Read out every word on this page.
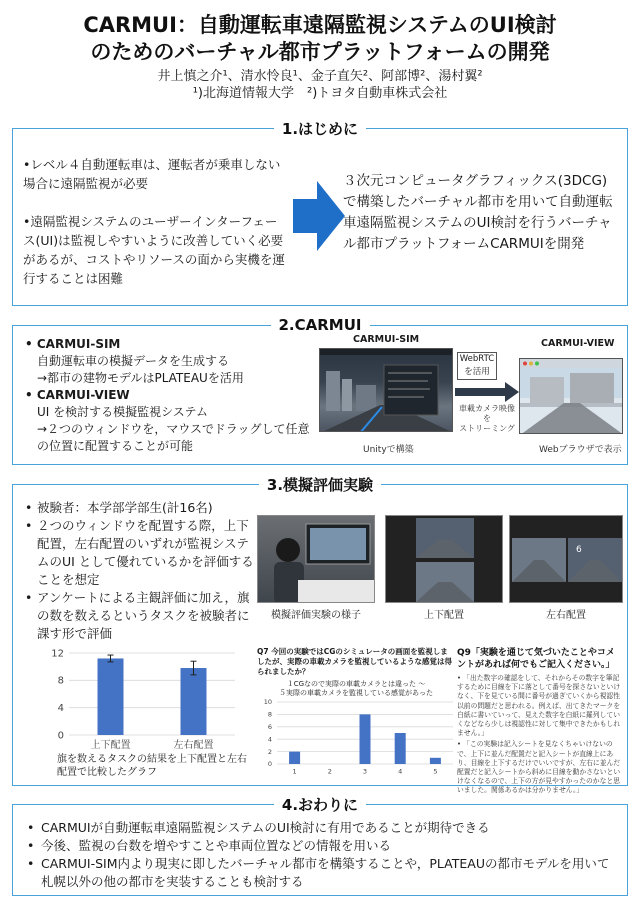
CARMUI：自動運転車遠隔監視システムのUI検討
のためのバーチャル都市プラットフォームの開発
井上慎之介¹、清水怜良¹、金子直矢²、阿部博²、湯村翼²
¹)北海道情報大学　²)トヨタ自動車株式会社
1.はじめに

•レベル４自動運転車は、運転者が乗車しない場合に遠隔監視が必要

•遠隔監視システムのユーザーインターフェース(UI)は監視しやすいように改善していく必要があるが、コストやリソースの面から実機を運行することは困難

３次元コンピュータグラフィックス(3DCG)で構築したバーチャル都市を用いて自動運転車遠隔監視システムのUI検討を行うバーチャル都市プラットフォームCARMUIを開発
2.CARMUI
• CARMUI-SIM
自動運転車の模擬データを生成する
→都市の建物モデルはPLATEAUを活用
• CARMUI-VIEW
UI を検討する模擬監視システム
→２つのウィンドウを，マウスでドラッグして任意の位置に配置することが可能
CARMUI-SIM	CARMUI-VIEW
WebRTC
を活用
車載カメラ映像を
ストリーミング
Unityで構築	Webブラウザで表示
3.模擬評価実験
• 被験者：本学部学部生(計16名)
• ２つのウィンドウを配置する際，上下配置，左右配置のいずれが監視システムのUI として優れているかを評価することを想定
• アンケートによる主観評価に加え，旗の数を数えるというタスクを被験者に課す形で評価
6
模擬評価実験の様子	上下配置	左右配置
0
4
8
12
上下配置	左右配置
旗を数えるタスクの結果を上下配置と左右配置で比較したグラフ
Q7 今回の実験ではCGのシミュレータの画面を監視しましたが、実際の車載カメラを監視しているような感覚は得られましたか？
１CGなので実際の車載カメラとは違った ～
５実際の車載カメラを監視している感覚があった
0
2
4
6
8
10
1	2	3	4	5
Q9「実験を通じて気づいたことやコメントがあれば何でもご記入ください。」

• 「出た数字の確認をして、それからその数字を筆記するために目線を下に落として番号を探さないといけなく、下を見ている間に番号が過ぎていくから視認性以前の問題だと思われる。例えば、出てきたマークを白紙に書いていって、見えた数字を白紙に羅列していくなどなら少しは視認性に対して集中できたかもしれません。」

• 「この実験は記入シートを見なくちゃいけないので、上下に並んだ配置だと記入シートが直線上にあり、目線を上下するだけでいいですが、左右に並んだ配置だと記入シートから斜めに目線を動かさないといけなくなるので、上下の方が見やすかったのかなと思いました。関係あるかは分かりません。」

4.おわりに
• CARMUIが自動運転車遠隔監視システムのUI検討に有用であることが期待できる
• 今後、監視の台数を増やすことや車両位置などの情報を用いる
• CARMUI-SIM内より現実に即したバーチャル都市を構築することや，PLATEAUの都市モデルを用いて札幌以外の他の都市を実装することも検討する
